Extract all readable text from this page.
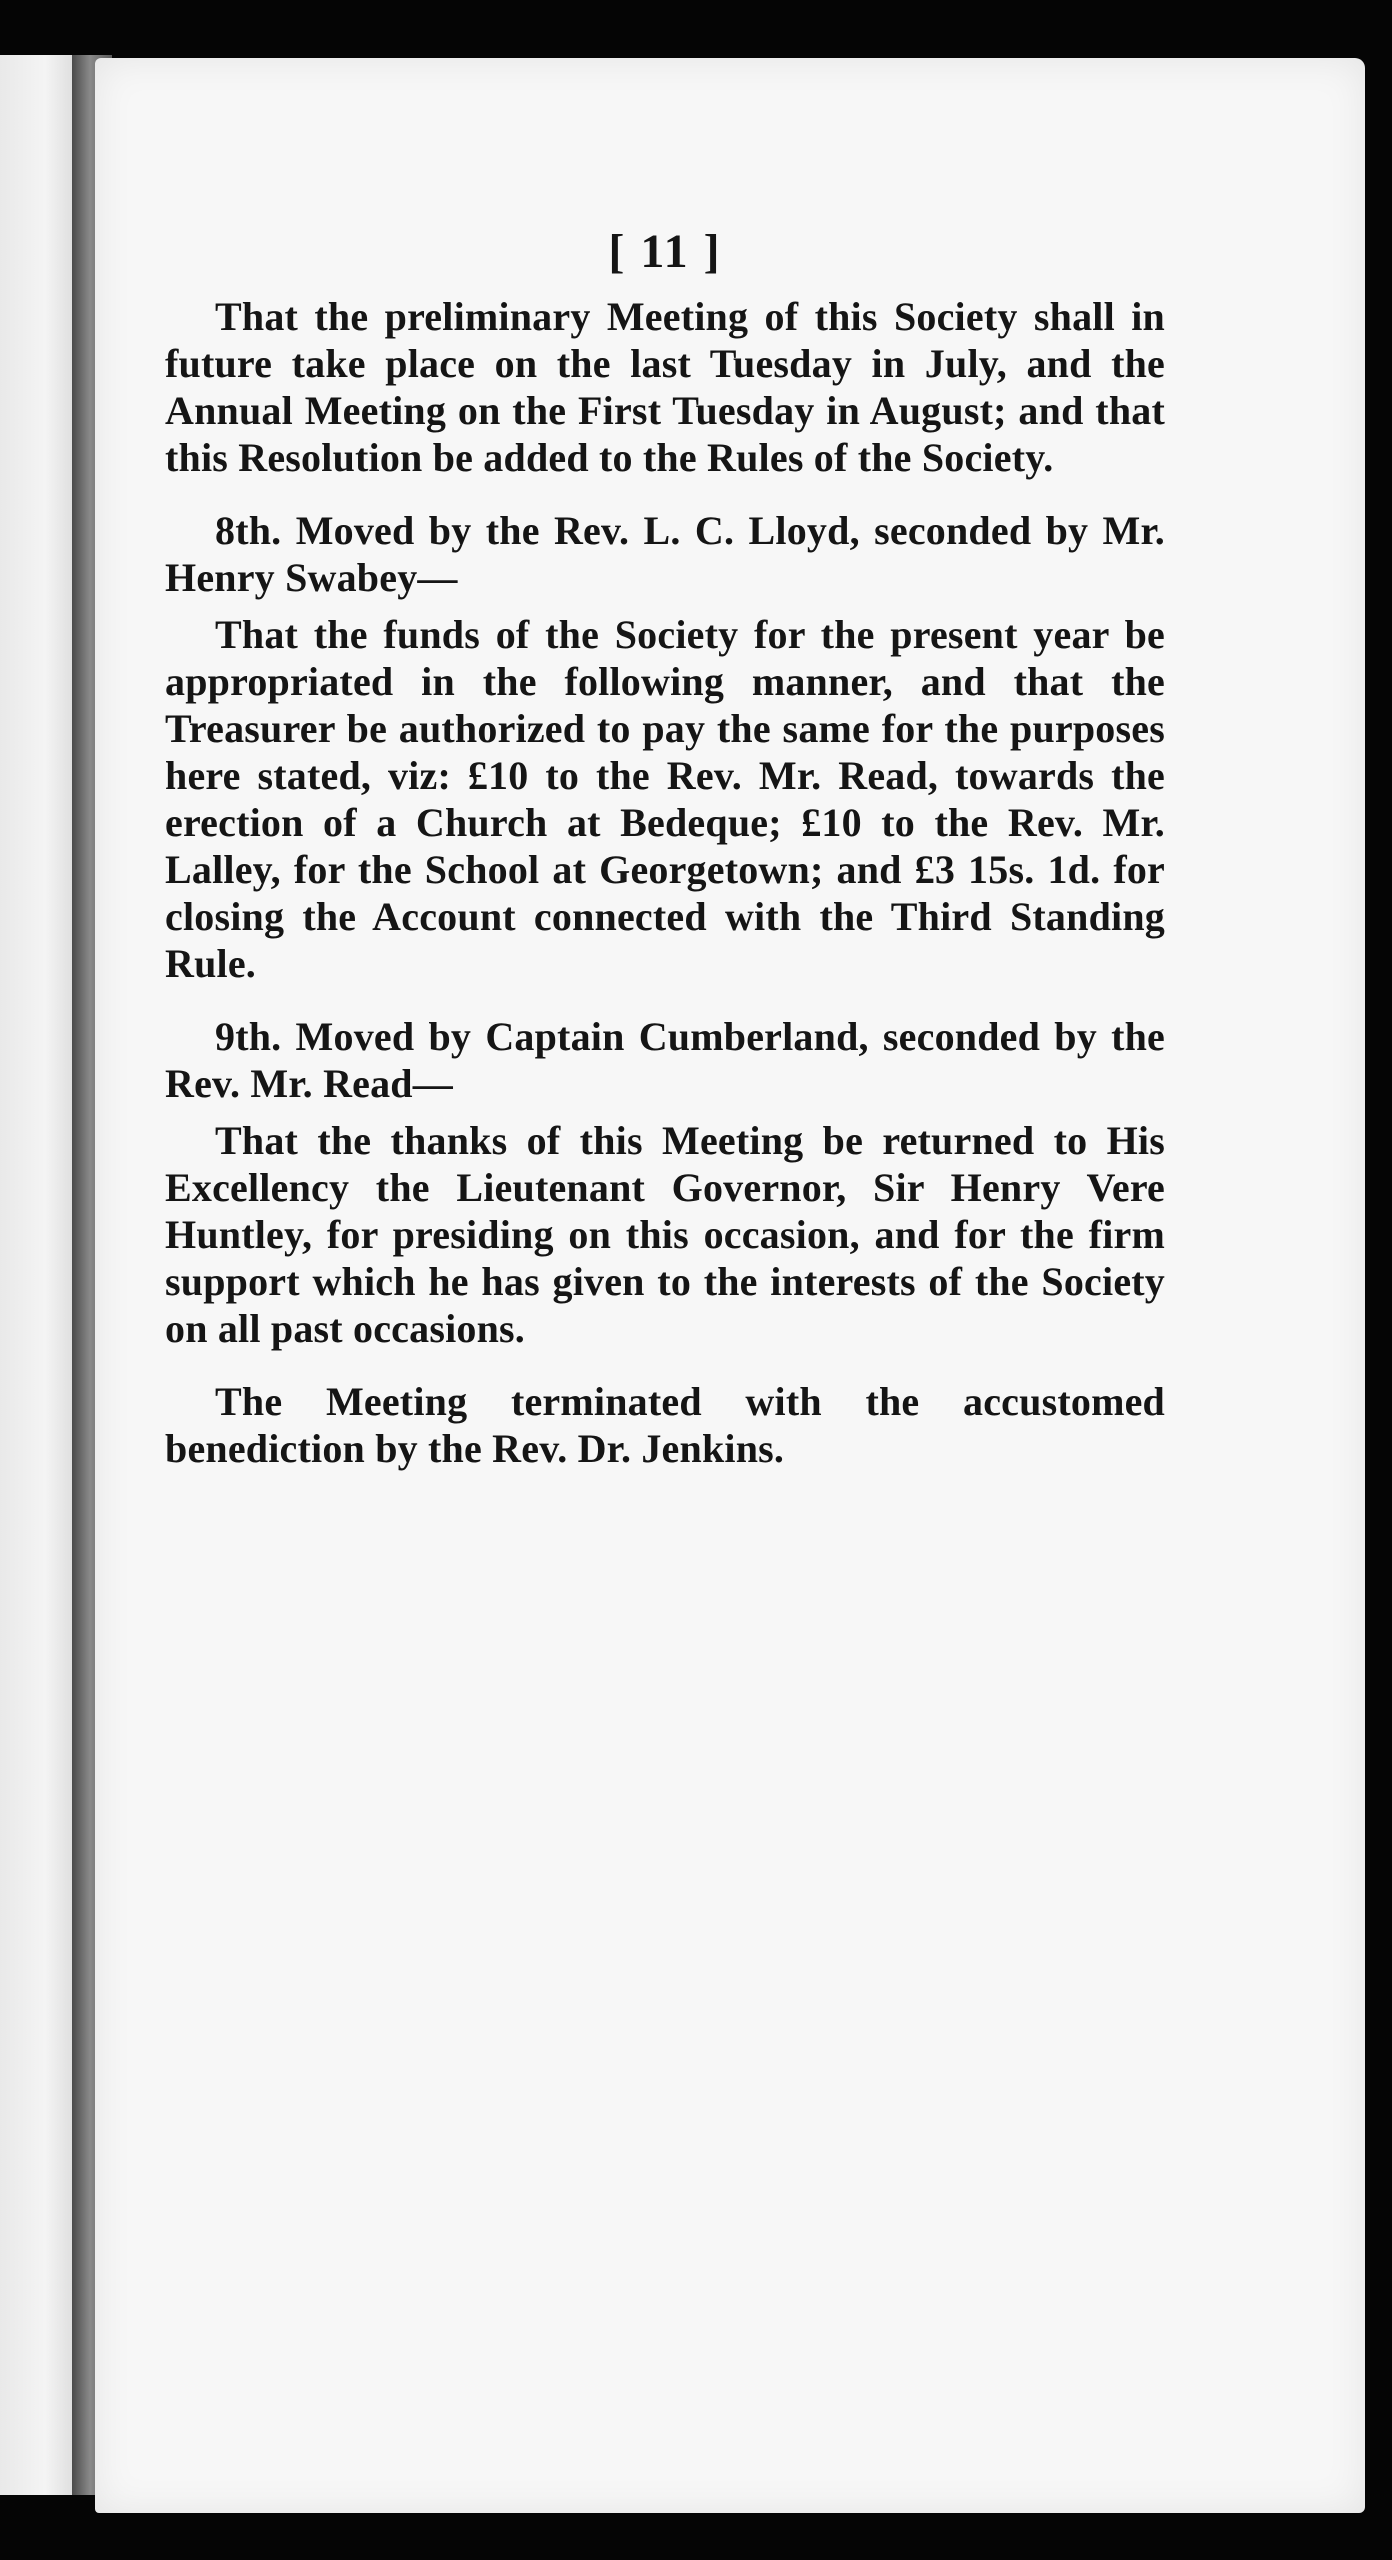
[ 11 ]

That the preliminary Meeting of this Society shall in future take place on the last Tuesday in July, and the Annual Meeting on the First Tuesday in August; and that this Resolution be added to the Rules of the Society.

8th. Moved by the Rev. L. C. Lloyd, seconded by Mr. Henry Swabey—

That the funds of the Society for the present year be appropriated in the following manner, and that the Treasurer be authorized to pay the same for the purposes here stated, viz: £10 to the Rev. Mr. Read, towards the erection of a Church at Bedeque; £10 to the Rev. Mr. Lalley, for the School at Georgetown; and £3 15s. 1d. for closing the Account connected with the Third Standing Rule.

9th. Moved by Captain Cumberland, seconded by the Rev. Mr. Read—

That the thanks of this Meeting be returned to His Excellency the Lieutenant Governor, Sir Henry Vere Huntley, for presiding on this occasion, and for the firm support which he has given to the interests of the Society on all past occasions.

The Meeting terminated with the accustomed benediction by the Rev. Dr. Jenkins.
